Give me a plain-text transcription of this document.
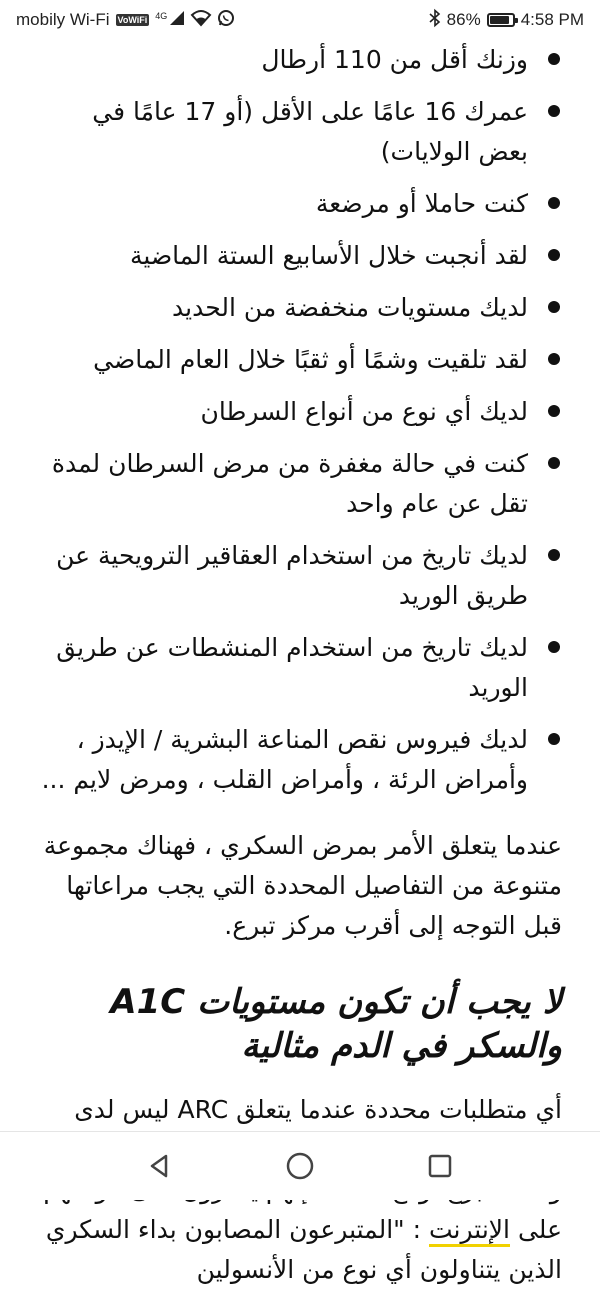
mobily Wi-Fi VoWiFi $^{4G}$	86% 4:58 PM
وزنك أقل من 110 أرطال
عمرك 16 عامًا على الأقل (أو 17 عامًا في بعض الولايات)
كنت حاملا أو مرضعة
لقد أنجبت خلال الأسابيع الستة الماضية
لديك مستويات منخفضة من الحديد
لقد تلقيت وشمًا أو ثقبًا خلال العام الماضي
لديك أي نوع من أنواع السرطان
كنت في حالة مغفرة من مرض السرطان لمدة تقل عن عام واحد
لديك تاريخ من استخدام العقاقير الترويحية عن طريق الوريد
لديك تاريخ من استخدام المنشطات عن طريق الوريد
لديك فيروس نقص المناعة البشرية / الإيدز ، وأمراض الرئة ، وأمراض القلب ، ومرض لايم ...

عندما يتعلق الأمر بمرض السكري ، فهناك مجموعة متنوعة من التفاصيل المحددة التي يجب مراعاتها قبل التوجه إلى أقرب مركز تبرع.

لا يجب أن تكون مستويات A1C والسكر في الدم مثالية

أي متطلبات محددة عندما يتعلق ARC ليس لدى على الإنترنت : "المتبرعون المصابون بداء السكري الذين يتناولون أي نوع من الأنسولين
